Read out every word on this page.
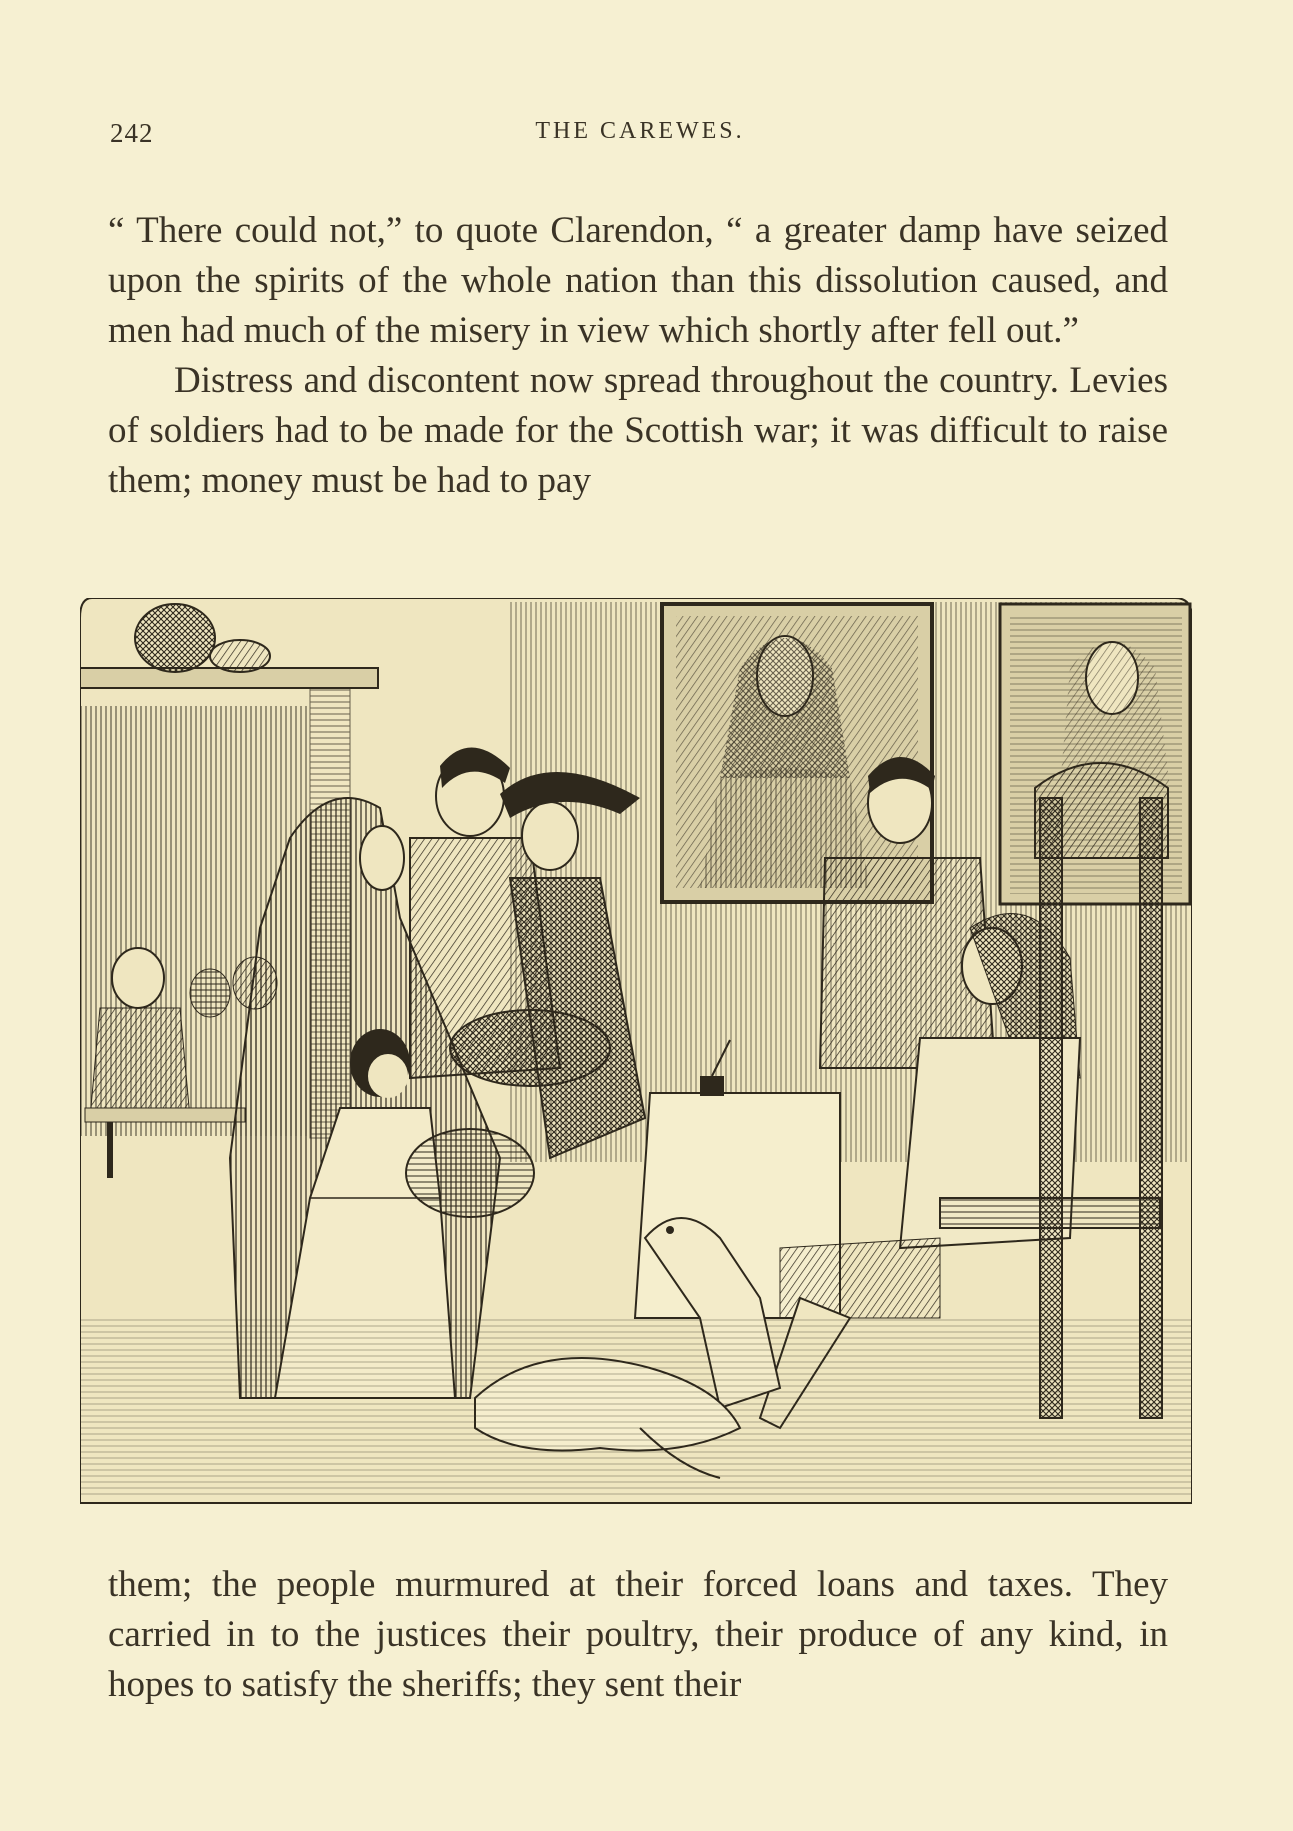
242	THE CAREWES.

“ There could not,” to quote Clarendon, “ a greater damp have seized upon the spirits of the whole nation than this dissolution caused, and men had much of the misery in view which shortly after fell out.”

Distress and discontent now spread throughout the country. Levies of soldiers had to be made for the Scottish war; it was difficult to raise them; money must be had to pay

them; the people murmured at their forced loans and taxes. They carried in to the justices their poultry, their produce of any kind, in hopes to satisfy the sheriffs; they sent their
